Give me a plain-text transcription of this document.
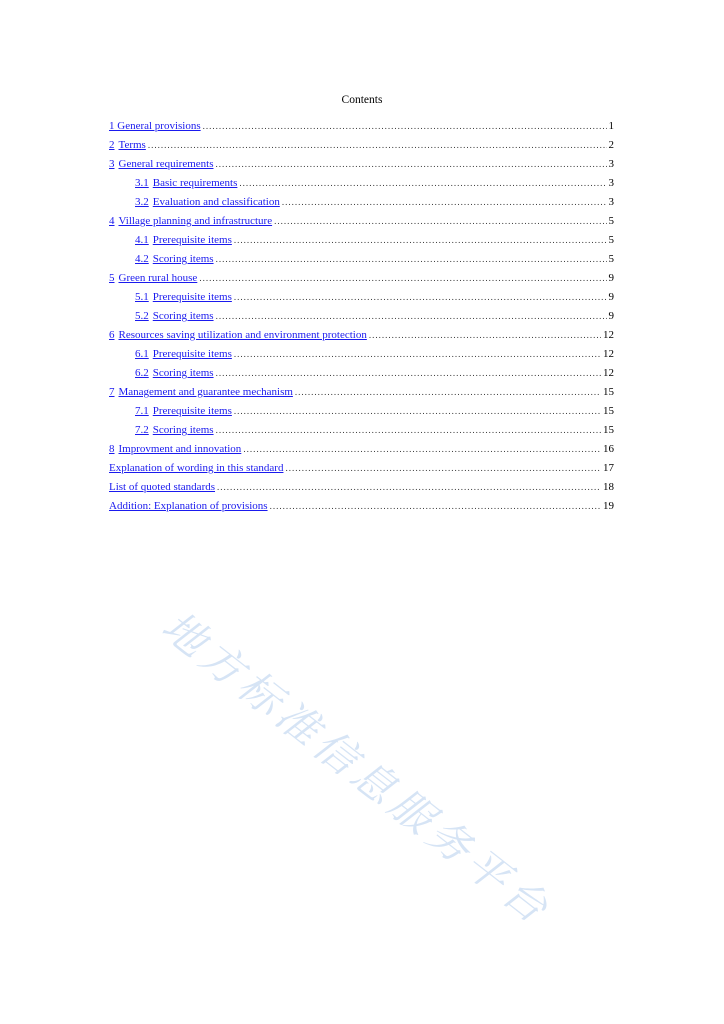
Contents
1 General provisions .....	1
2 Terms .....	2
3 General requirements .....	3
3.1 Basic requirements .....	3
3.2 Evaluation and classification .....	3
4 Village planning and infrastructure .....	5
4.1 Prerequisite items .....	5
4.2 Scoring items .....	5
5 Green rural house .....	9
5.1 Prerequisite items .....	9
5.2 Scoring items .....	9
6 Resources saving utilization and environment protection .....	12
6.1 Prerequisite items .....	12
6.2 Scoring items .....	12
7 Management and guarantee mechanism .....	15
7.1 Prerequisite items .....	15
7.2 Scoring items .....	15
8 Improvment and innovation .....	16
Explanation of wording in this standard .....	17
List of quoted standards .....	18
Addition: Explanation of provisions .....	19
地方标准信息服务平台
